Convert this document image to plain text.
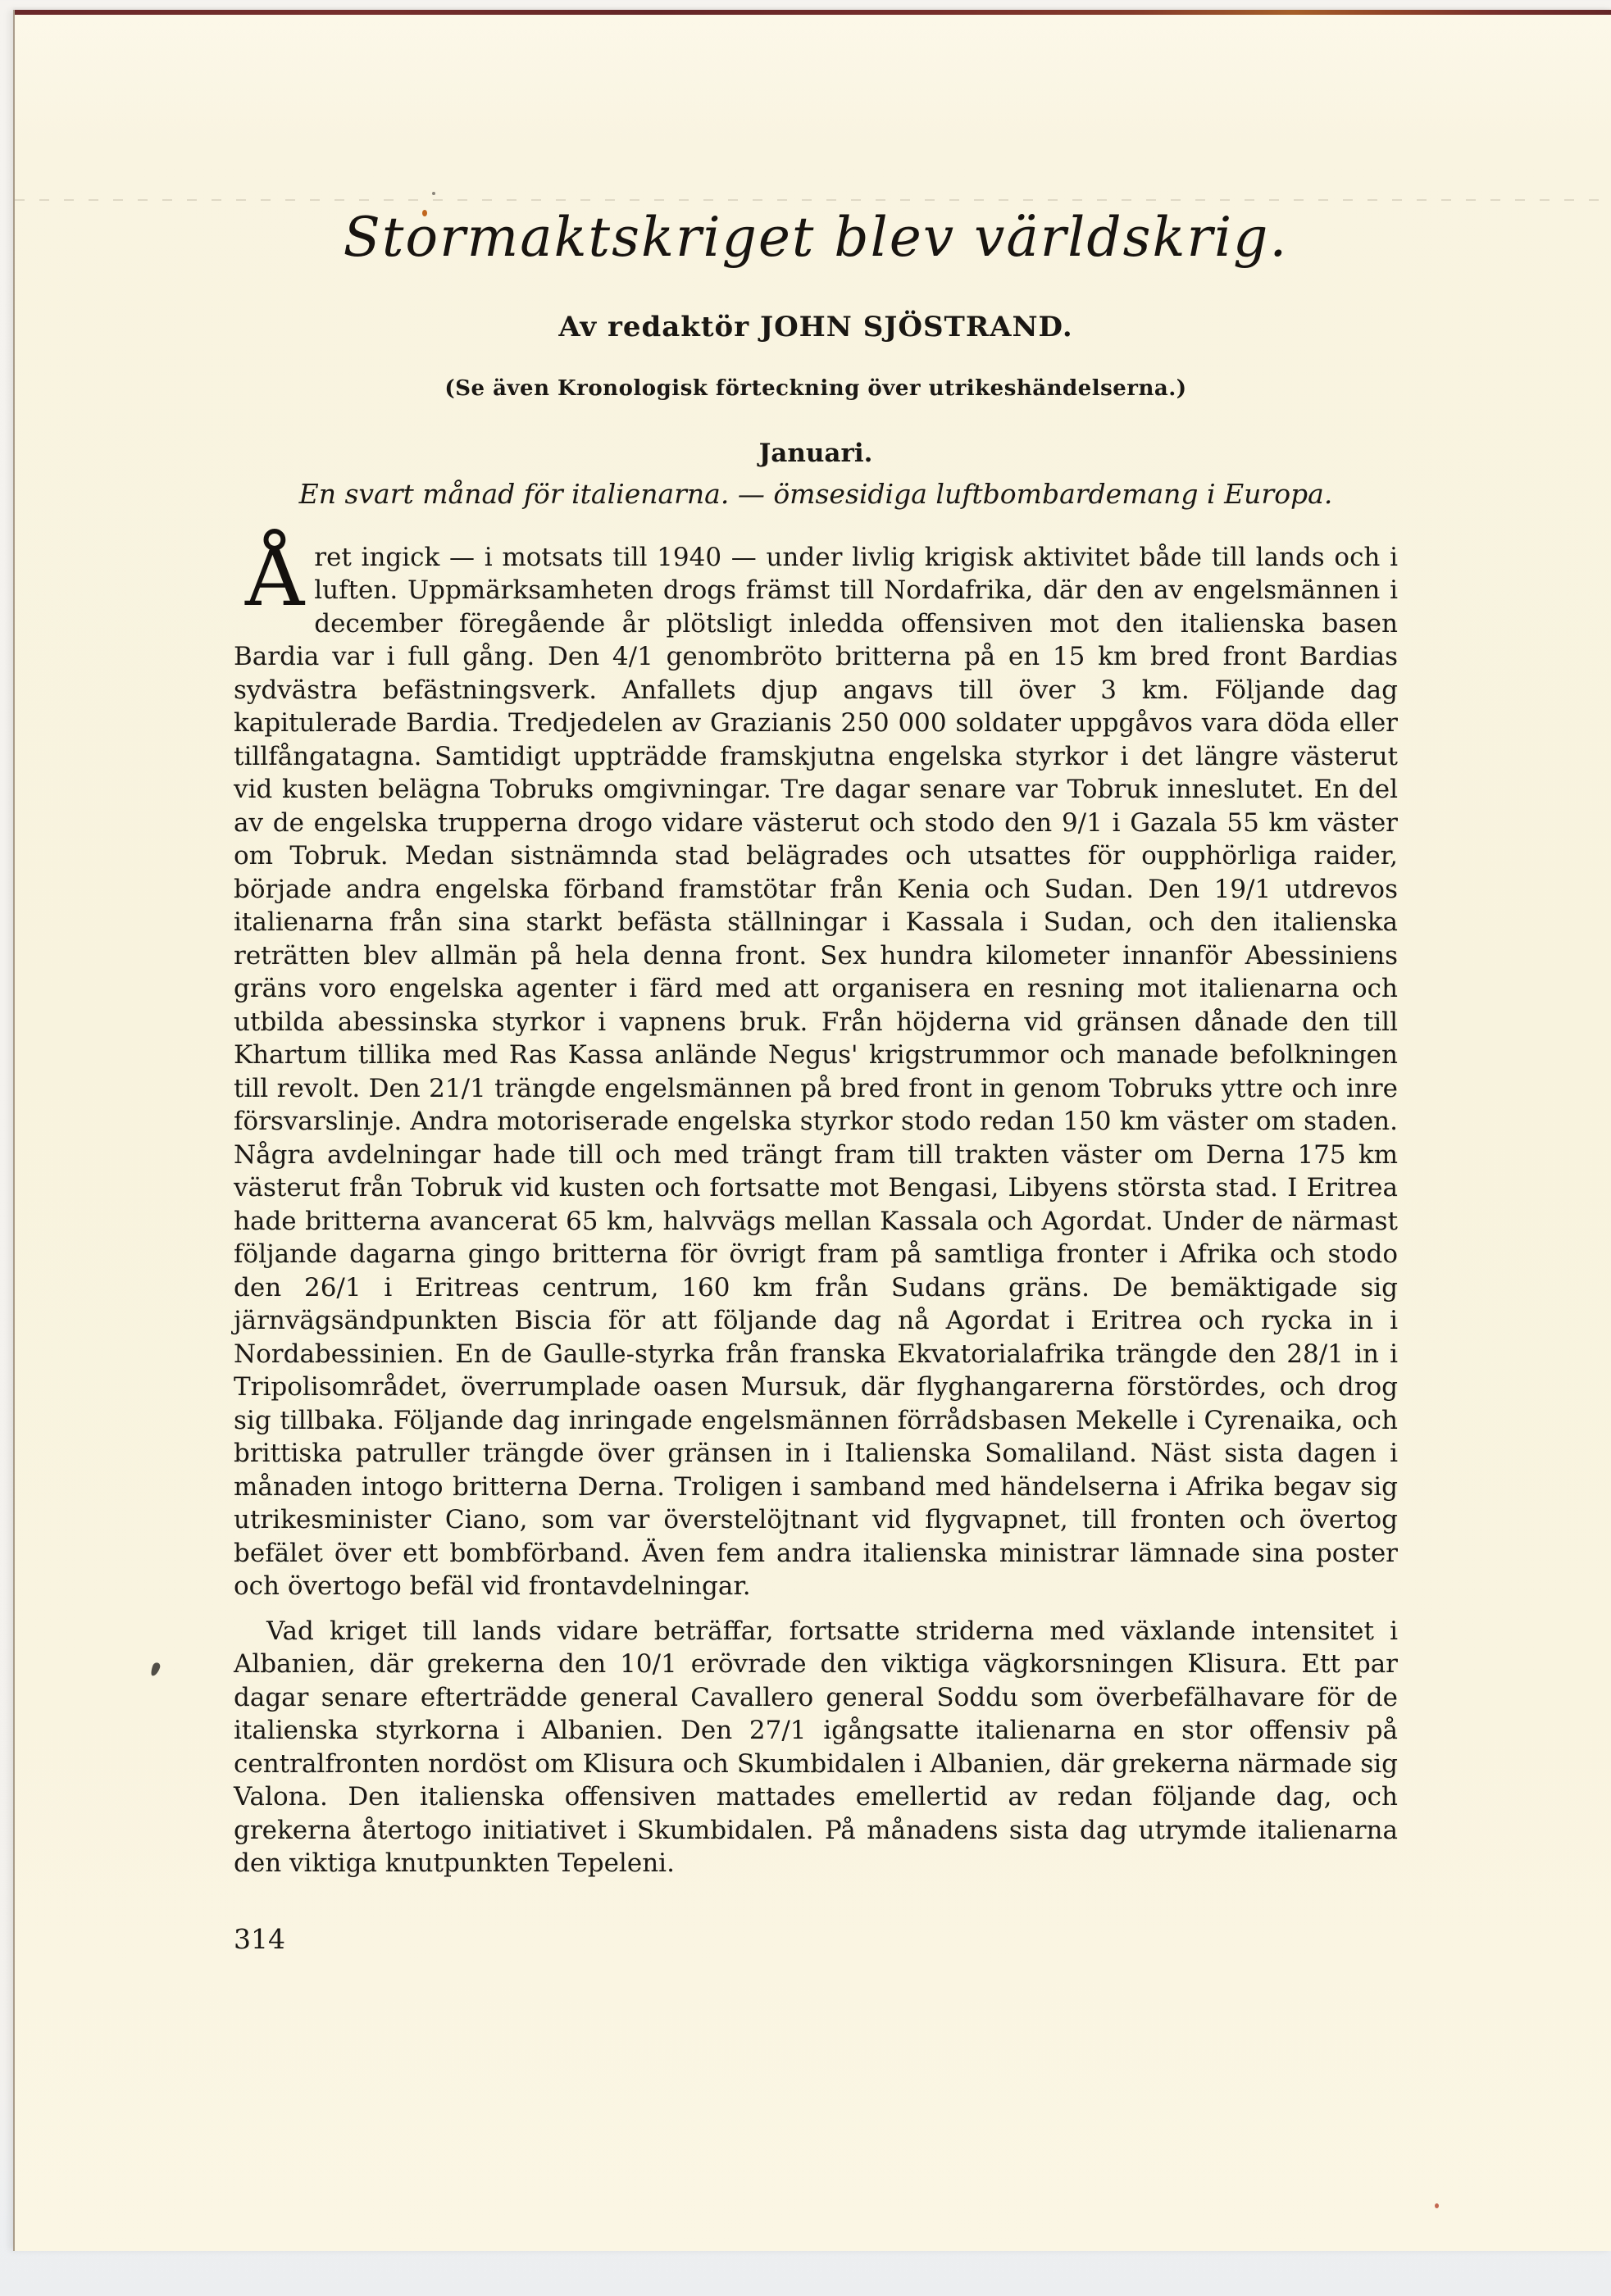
Stormaktskriget blev världskrig.
Av redaktör JOHN SJÖSTRAND.
(Se även Kronologisk förteckning över utrikeshändelserna.)
Januari.
En svart månad för italienarna. — ömsesidiga luftbombardemang i Europa.

Året ingick — i motsats till 1940 — under livlig krigisk aktivitet både till lands och i luften. Uppmärksamheten drogs främst till Nordafrika, där den av engelsmännen i december föregående år plötsligt inledda offensiven mot den italienska basen Bardia var i full gång. Den 4/1 genombröto britterna på en 15 km bred front Bardias sydvästra befästningsverk. Anfallets djup angavs till över 3 km. Följande dag kapitulerade Bardia. Tredjedelen av Grazianis 250 000 soldater uppgåvos vara döda eller tillfångatagna. Samtidigt uppträdde framskjutna engelska styrkor i det längre västerut vid kusten belägna Tobruks omgivningar. Tre dagar senare var Tobruk inneslutet. En del av de engelska trupperna drogo vidare västerut och stodo den 9/1 i Gazala 55 km väster om Tobruk. Medan sistnämnda stad belägrades och utsattes för oupphörliga raider, började andra engelska förband framstötar från Kenia och Sudan. Den 19/1 utdrevos italienarna från sina starkt befästa ställningar i Kassala i Sudan, och den italienska reträtten blev allmän på hela denna front. Sex hundra kilometer innanför Abessiniens gräns voro engelska agenter i färd med att organisera en resning mot italienarna och utbilda abessinska styrkor i vapnens bruk. Från höjderna vid gränsen dånade den till Khartum tillika med Ras Kassa anlände Negus' krigstrummor och manade befolkningen till revolt. Den 21/1 trängde engelsmännen på bred front in genom Tobruks yttre och inre försvarslinje. Andra motoriserade engelska styrkor stodo redan 150 km väster om staden. Några avdelningar hade till och med trängt fram till trakten väster om Derna 175 km västerut från Tobruk vid kusten och fortsatte mot Bengasi, Libyens största stad. I Eritrea hade britterna avancerat 65 km, halvvägs mellan Kassala och Agordat. Under de närmast följande dagarna gingo britterna för övrigt fram på samtliga fronter i Afrika och stodo den 26/1 i Eritreas centrum, 160 km från Sudans gräns. De bemäktigade sig järnvägsändpunkten Biscia för att följande dag nå Agordat i Eritrea och rycka in i Nordabessinien. En de Gaulle-styrka från franska Ekvatorialafrika trängde den 28/1 in i Tripolisområdet, överrumplade oasen Mursuk, där flyghangarerna förstördes, och drog sig tillbaka. Följande dag inringade engelsmännen förrådsbasen Mekelle i Cyrenaika, och brittiska patruller trängde över gränsen in i Italienska Somaliland. Näst sista dagen i månaden intogo britterna Derna. Troligen i samband med händelserna i Afrika begav sig utrikesminister Ciano, som var överstelöjtnant vid flygvapnet, till fronten och övertog befälet över ett bombförband. Även fem andra italienska ministrar lämnade sina poster och övertogo befäl vid frontavdelningar.

Vad kriget till lands vidare beträffar, fortsatte striderna med växlande intensitet i Albanien, där grekerna den 10/1 erövrade den viktiga vägkorsningen Klisura. Ett par dagar senare efterträdde general Cavallero general Soddu som överbefälhavare för de italienska styrkorna i Albanien. Den 27/1 igångsatte italienarna en stor offensiv på centralfronten nordöst om Klisura och Skumbidalen i Albanien, där grekerna närmade sig Valona. Den italienska offensiven mattades emellertid av redan följande dag, och grekerna återtogo initiativet i Skumbidalen. På månadens sista dag utrymde italienarna den viktiga knutpunkten Tepeleni.

314
